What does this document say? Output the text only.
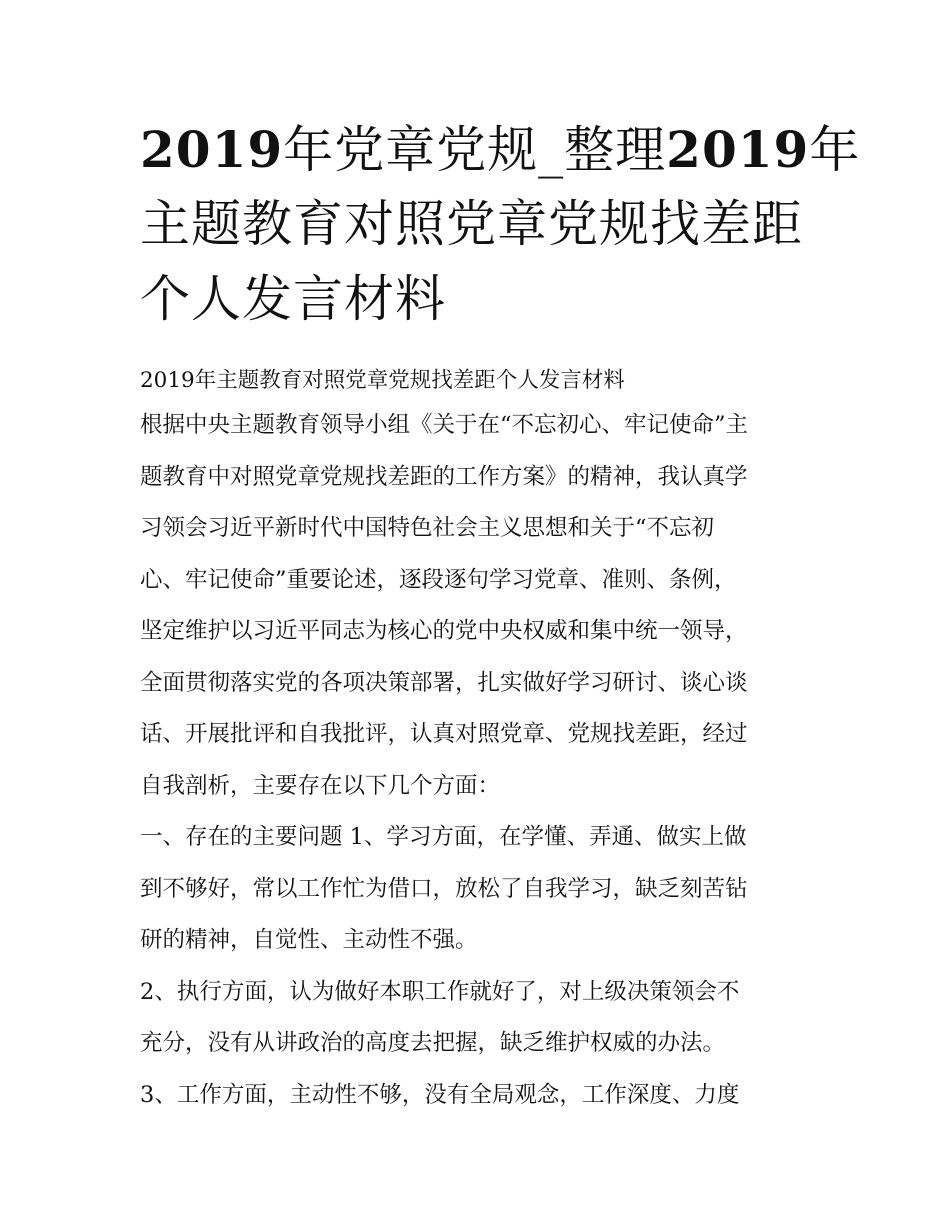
2019年党章党规_整理2019年
主题教育对照党章党规找差距
个人发言材料
2019年主题教育对照党章党规找差距个人发言材料
根据中央主题教育领导小组《关于在“不忘初心、牢记使命”主
题教育中对照党章党规找差距的工作方案》的精神，我认真学
习领会习近平新时代中国特色社会主义思想和关于“不忘初
心、牢记使命”重要论述，逐段逐句学习党章、准则、条例，
坚定维护以习近平同志为核心的党中央权威和集中统一领导，
全面贯彻落实党的各项决策部署，扎实做好学习研讨、谈心谈
话、开展批评和自我批评，认真对照党章、党规找差距，经过
自我剖析，主要存在以下几个方面：
一、存在的主要问题 1、学习方面，在学懂、弄通、做实上做
到不够好，常以工作忙为借口，放松了自我学习，缺乏刻苦钻
研的精神，自觉性、主动性不强。
2、执行方面，认为做好本职工作就好了，对上级决策领会不
充分，没有从讲政治的高度去把握，缺乏维护权威的办法。
3、工作方面，主动性不够，没有全局观念，工作深度、力度
